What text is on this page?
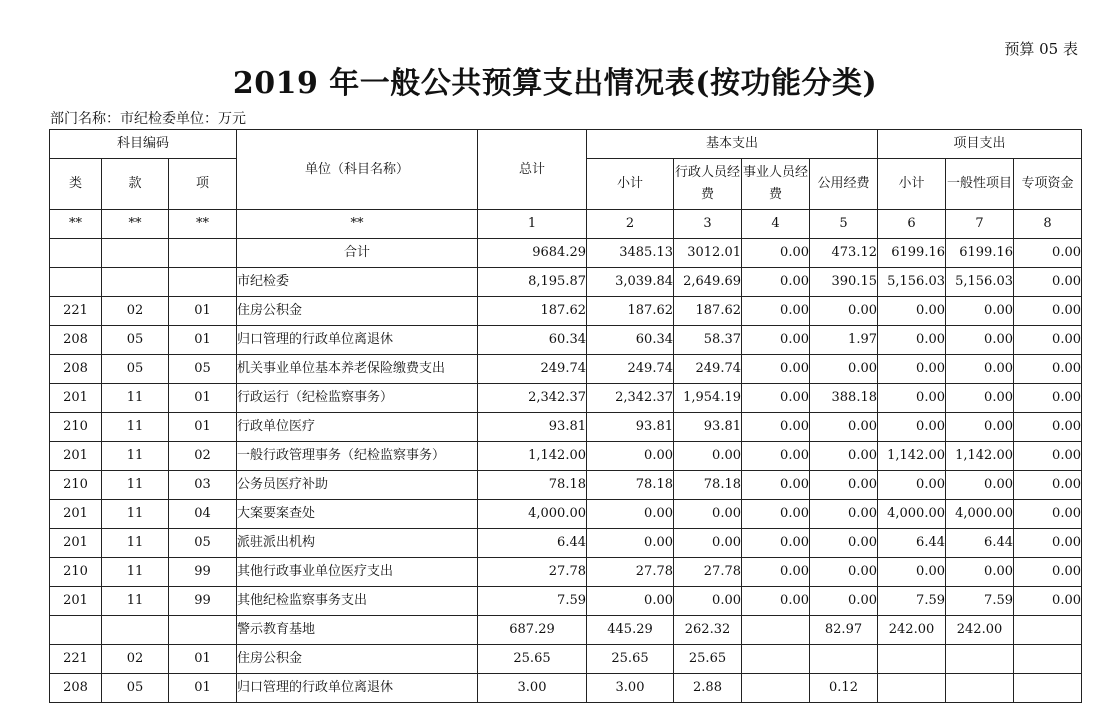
预算 05 表
2019 年一般公共预算支出情况表(按功能分类)
部门名称：市纪检委单位：万元
科目编码			单位（科目名称）	总计	基本支出				项目支出		
类	款	项			小计	行政人员经费	事业人员经费	公用经费	小计	一般性项目	专项资金
**	**	**	**	1	2	3	4	5	6	7	8
			合计	9684.29	3485.13	3012.01	0.00	473.12	6199.16	6199.16	0.00
			市纪检委	8,195.87	3,039.84	2,649.69	0.00	390.15	5,156.03	5,156.03	0.00
221	02	01	住房公积金	187.62	187.62	187.62	0.00	0.00	0.00	0.00	0.00
208	05	01	归口管理的行政单位离退休	60.34	60.34	58.37	0.00	1.97	0.00	0.00	0.00
208	05	05	机关事业单位基本养老保险缴费支出	249.74	249.74	249.74	0.00	0.00	0.00	0.00	0.00
201	11	01	行政运行（纪检监察事务）	2,342.37	2,342.37	1,954.19	0.00	388.18	0.00	0.00	0.00
210	11	01	行政单位医疗	93.81	93.81	93.81	0.00	0.00	0.00	0.00	0.00
201	11	02	一般行政管理事务（纪检监察事务）	1,142.00	0.00	0.00	0.00	0.00	1,142.00	1,142.00	0.00
210	11	03	公务员医疗补助	78.18	78.18	78.18	0.00	0.00	0.00	0.00	0.00
201	11	04	大案要案查处	4,000.00	0.00	0.00	0.00	0.00	4,000.00	4,000.00	0.00
201	11	05	派驻派出机构	6.44	0.00	0.00	0.00	0.00	6.44	6.44	0.00
210	11	99	其他行政事业单位医疗支出	27.78	27.78	27.78	0.00	0.00	0.00	0.00	0.00
201	11	99	其他纪检监察事务支出	7.59	0.00	0.00	0.00	0.00	7.59	7.59	0.00
			警示教育基地	687.29	445.29	262.32		82.97	242.00	242.00	
221	02	01	住房公积金	25.65	25.65	25.65					
208	05	01	归口管理的行政单位离退休	3.00	3.00	2.88		0.12			
